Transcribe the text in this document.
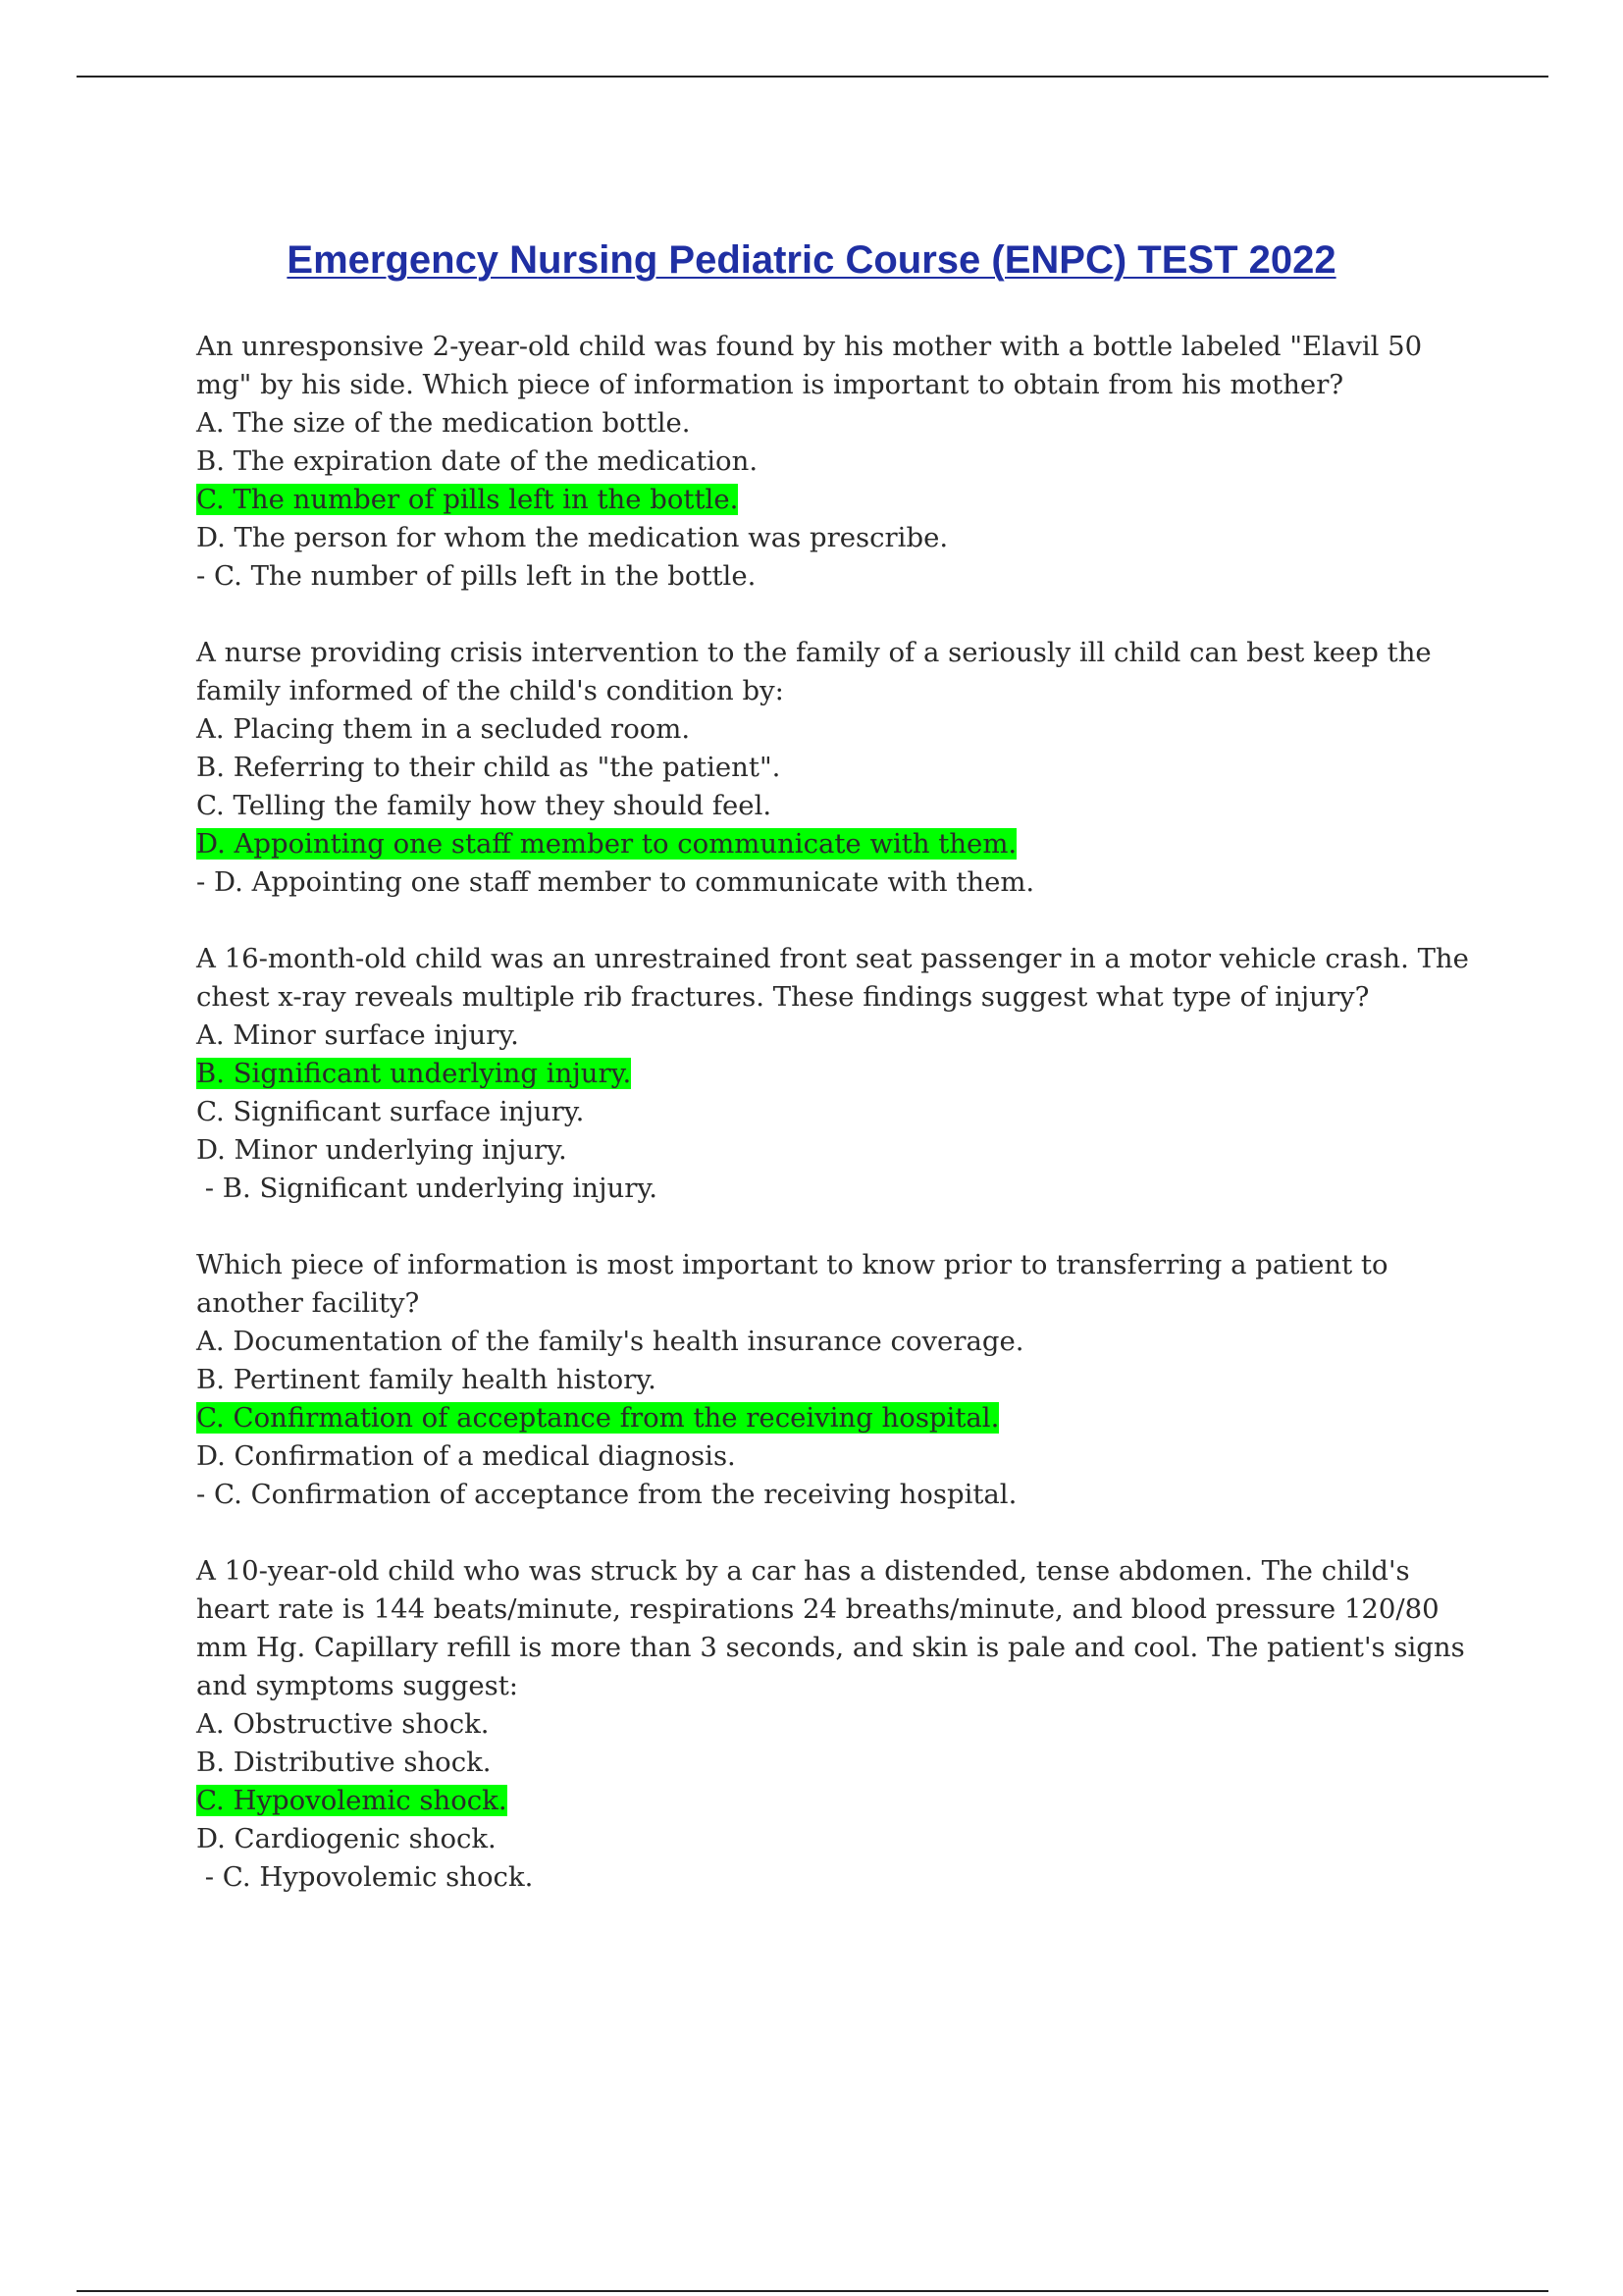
Emergency Nursing Pediatric Course (ENPC) TEST 2022
An unresponsive 2-year-old child was found by his mother with a bottle labeled "Elavil 50 mg" by his side. Which piece of information is important to obtain from his mother?
A. The size of the medication bottle.
B. The expiration date of the medication.
C. The number of pills left in the bottle.
D. The person for whom the medication was prescribe.
- C. The number of pills left in the bottle.
A nurse providing crisis intervention to the family of a seriously ill child can best keep the family informed of the child's condition by:
A. Placing them in a secluded room.
B. Referring to their child as "the patient".
C. Telling the family how they should feel.
D. Appointing one staff member to communicate with them.
- D. Appointing one staff member to communicate with them.
A 16-month-old child was an unrestrained front seat passenger in a motor vehicle crash. The chest x-ray reveals multiple rib fractures. These findings suggest what type of injury?
A. Minor surface injury.
B. Significant underlying injury.
C. Significant surface injury.
D. Minor underlying injury.
- B. Significant underlying injury.
Which piece of information is most important to know prior to transferring a patient to another facility?
A. Documentation of the family's health insurance coverage.
B. Pertinent family health history.
C. Confirmation of acceptance from the receiving hospital.
D. Confirmation of a medical diagnosis.
- C. Confirmation of acceptance from the receiving hospital.
A 10-year-old child who was struck by a car has a distended, tense abdomen. The child's heart rate is 144 beats/minute, respirations 24 breaths/minute, and blood pressure 120/80 mm Hg. Capillary refill is more than 3 seconds, and skin is pale and cool. The patient's signs and symptoms suggest:
A. Obstructive shock.
B. Distributive shock.
C. Hypovolemic shock.
D. Cardiogenic shock.
- C. Hypovolemic shock.
